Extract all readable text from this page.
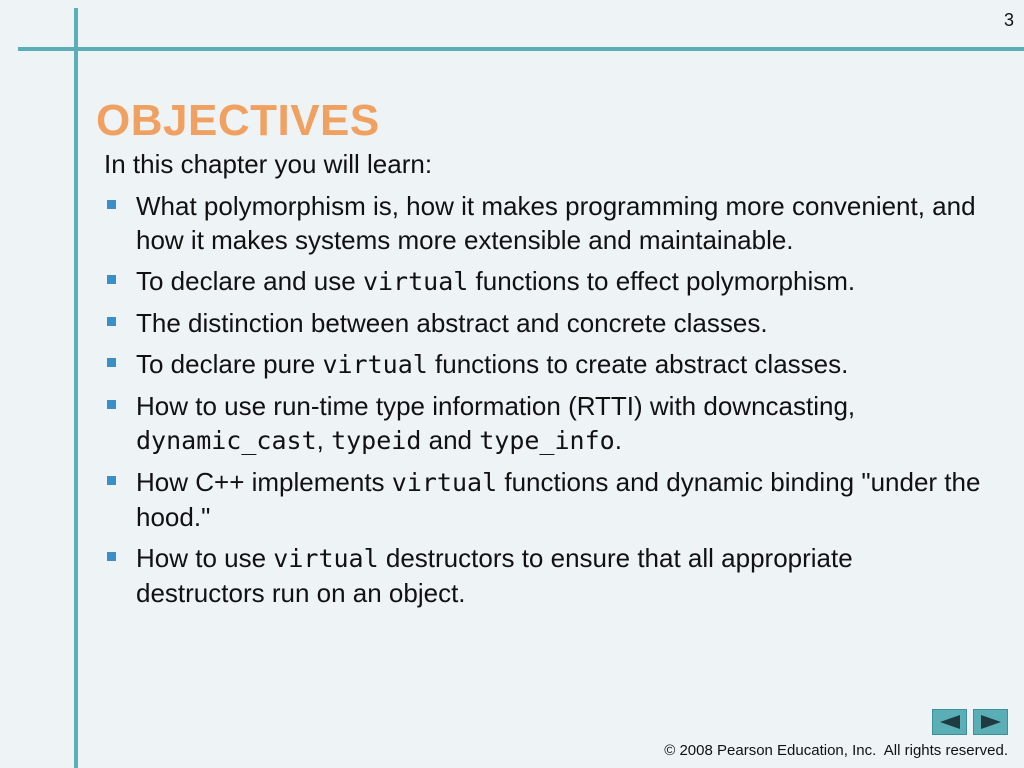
3
OBJECTIVES

In this chapter you will learn:

What polymorphism is, how it makes programming more convenient, and how it makes systems more extensible and maintainable.
To declare and use virtual functions to effect polymorphism.
The distinction between abstract and concrete classes.
To declare pure virtual functions to create abstract classes.
How to use run-time type information (RTTI) with downcasting, dynamic_cast, typeid and type_info.
How C++ implements virtual functions and dynamic binding "under the hood."
How to use virtual destructors to ensure that all appropriate destructors run on an object.
© 2008 Pearson Education, Inc.  All rights reserved.
